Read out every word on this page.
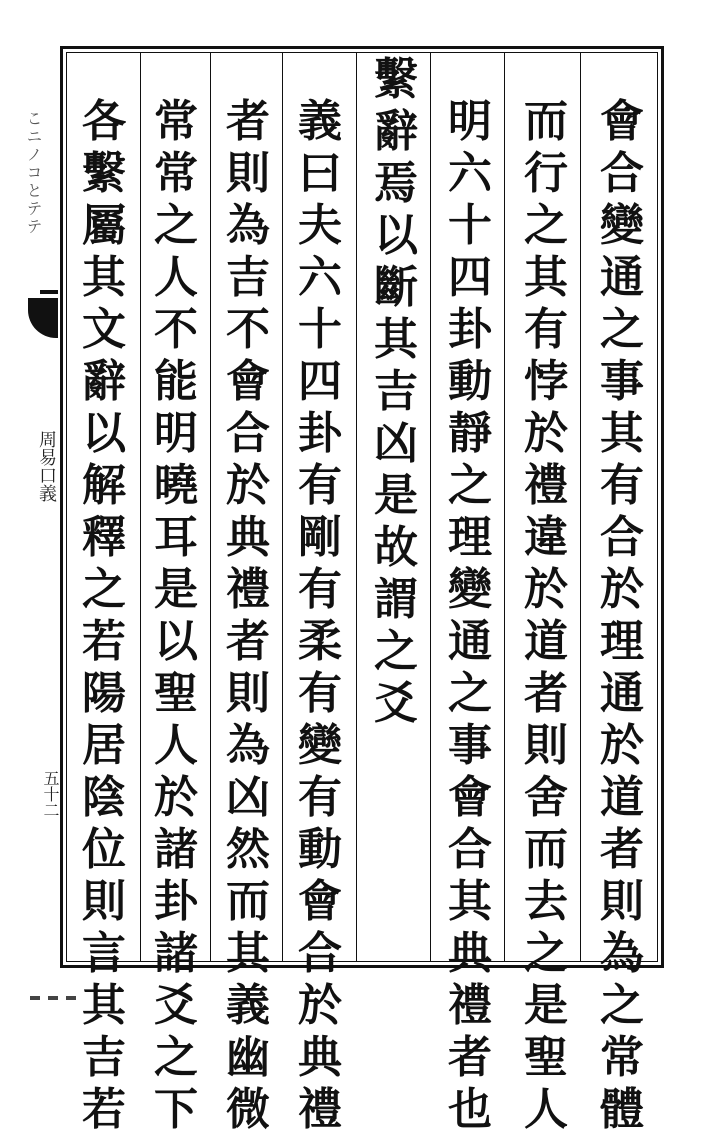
こニノコとテテ
周易口義
五十二
會
合
變
通
之
事
其
有
合
於
理
通
於
道
者
則
為
之
常
體
而
行
之
其
有
悖
於
禮
違
於
道
者
則
舍
而
去
之
是
聖
人
明
六
十
四
卦
動
靜
之
理
變
通
之
事
會
合
其
典
禮
者
也
繫
辭
焉
以
斷
其
吉
凶
是
故
謂
之
爻
義
曰
夫
六
十
四
卦
有
剛
有
柔
有
變
有
動
會
合
於
典
禮
者
則
為
吉
不
會
合
於
典
禮
者
則
為
凶
然
而
其
義
幽
微
常
常
之
人
不
能
明
曉
耳
是
以
聖
人
於
諸
卦
諸
爻
之
下
各
繫
屬
其
文
辭
以
解
釋
之
若
陽
居
陰
位
則
言
其
吉
若
